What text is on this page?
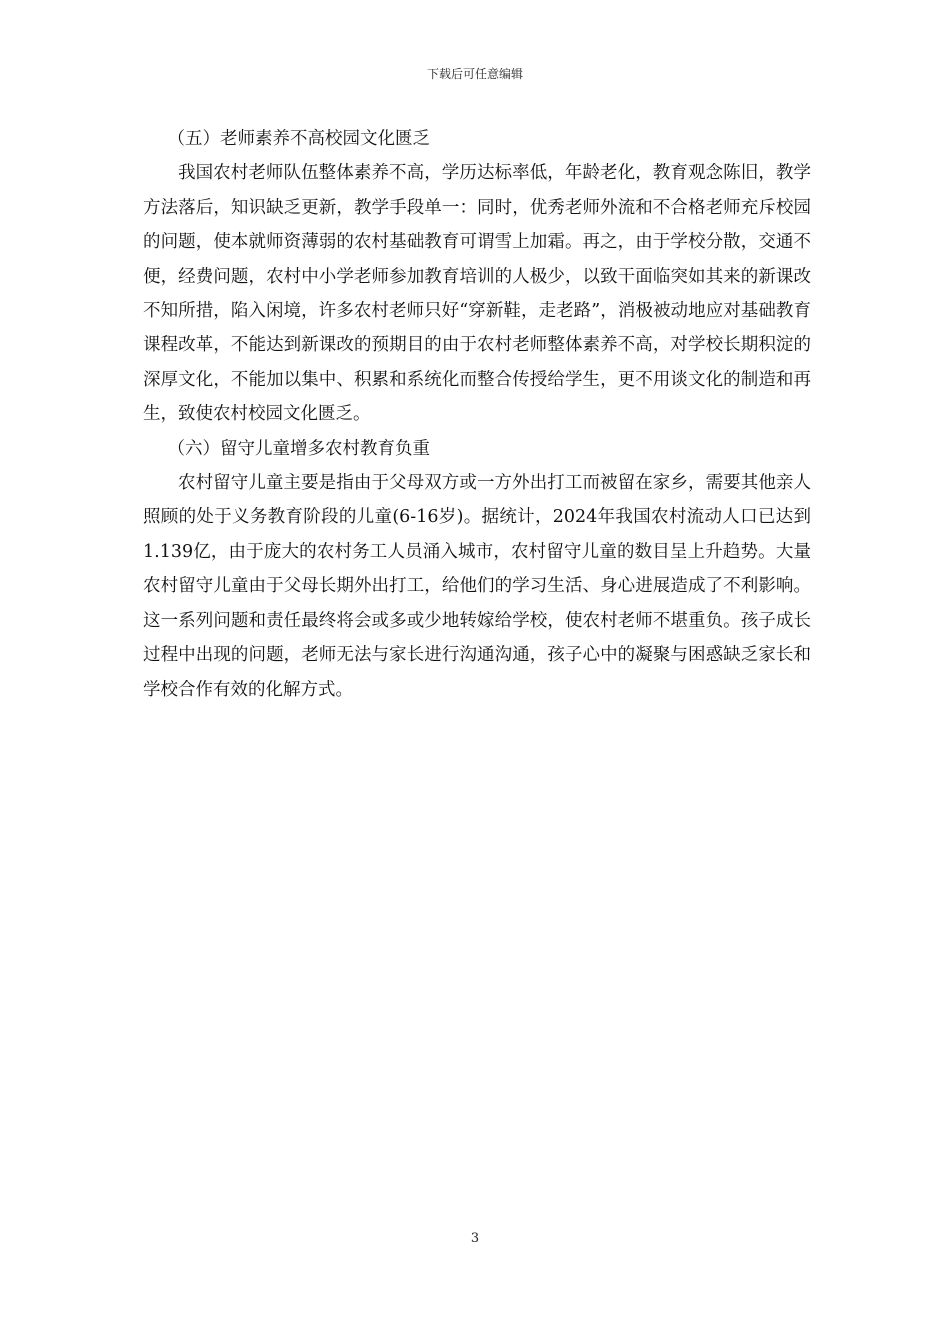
下载后可任意编辑

（五）老师素养不高校园文化匮乏

我国农村老师队伍整体素养不高，学历达标率低，年龄老化，教育观念陈旧，教学方法落后，知识缺乏更新，教学手段单一：同时，优秀老师外流和不合格老师充斥校园的问题，使本就师资薄弱的农村基础教育可谓雪上加霜。再之，由于学校分散，交通不便，经费问题，农村中小学老师参加教育培训的人极少，以致干面临突如其来的新课改不知所措，陷入闲境，许多农村老师只好“穿新鞋，走老路”，消极被动地应对基础教育课程改革，不能达到新课改的预期目的由于农村老师整体素养不高，对学校长期积淀的深厚文化，不能加以集中、积累和系统化而整合传授给学生，更不用谈文化的制造和再生，致使农村校园文化匮乏。

（六）留守儿童增多农村教育负重

农村留守儿童主要是指由于父母双方或一方外出打工而被留在家乡，需要其他亲人照顾的处于义务教育阶段的儿童(6-16岁)。据统计，2024年我国农村流动人口已达到1.139亿，由于庞大的农村务工人员涌入城市，农村留守儿童的数目呈上升趋势。大量农村留守儿童由于父母长期外出打工，给他们的学习生活、身心进展造成了不利影响。这一系列问题和责任最终将会或多或少地转嫁给学校，使农村老师不堪重负。孩子成长过程中出现的问题，老师无法与家长进行沟通沟通，孩子心中的凝聚与困惑缺乏家长和学校合作有效的化解方式。

3
